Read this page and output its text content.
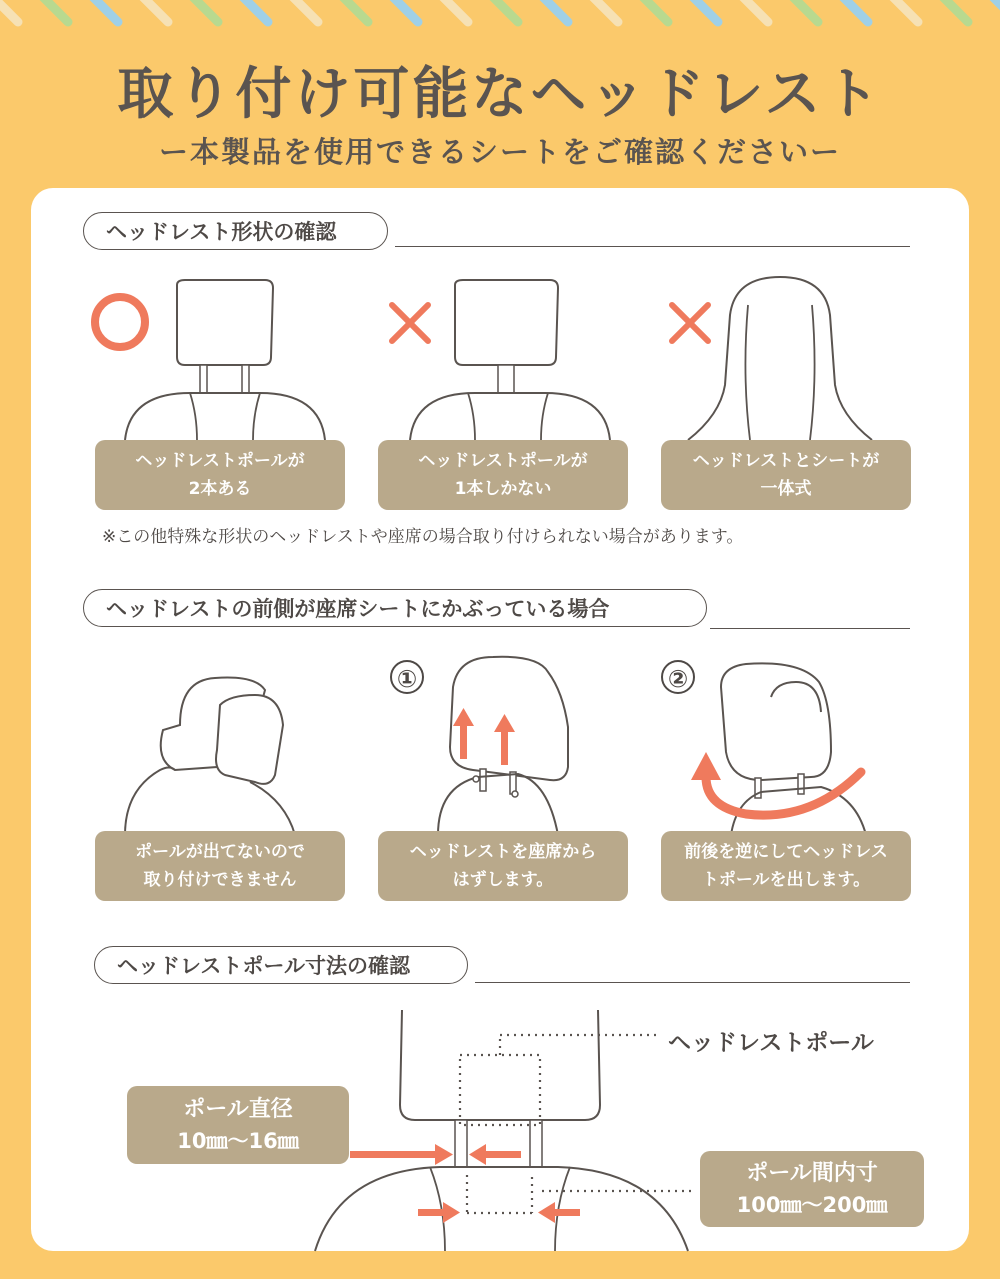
取り付け可能なヘッドレスト
ー本製品を使用できるシートをご確認くださいー
ヘッドレスト形状の確認
ヘッドレストポールが
2本ある
ヘッドレストポールが
1本しかない
ヘッドレストとシートが
一体式
※この他特殊な形状のヘッドレストや座席の場合取り付けられない場合があります。
ヘッドレストの前側が座席シートにかぶっている場合
ポールが出てないので
取り付けできません
①
ヘッドレストを座席から
はずします。
②
前後を逆にしてヘッドレス
トポールを出します。
ヘッドレストポール寸法の確認
ヘッドレストポール
ポール直径
10㎜～16㎜
ポール間内寸
100㎜～200㎜
